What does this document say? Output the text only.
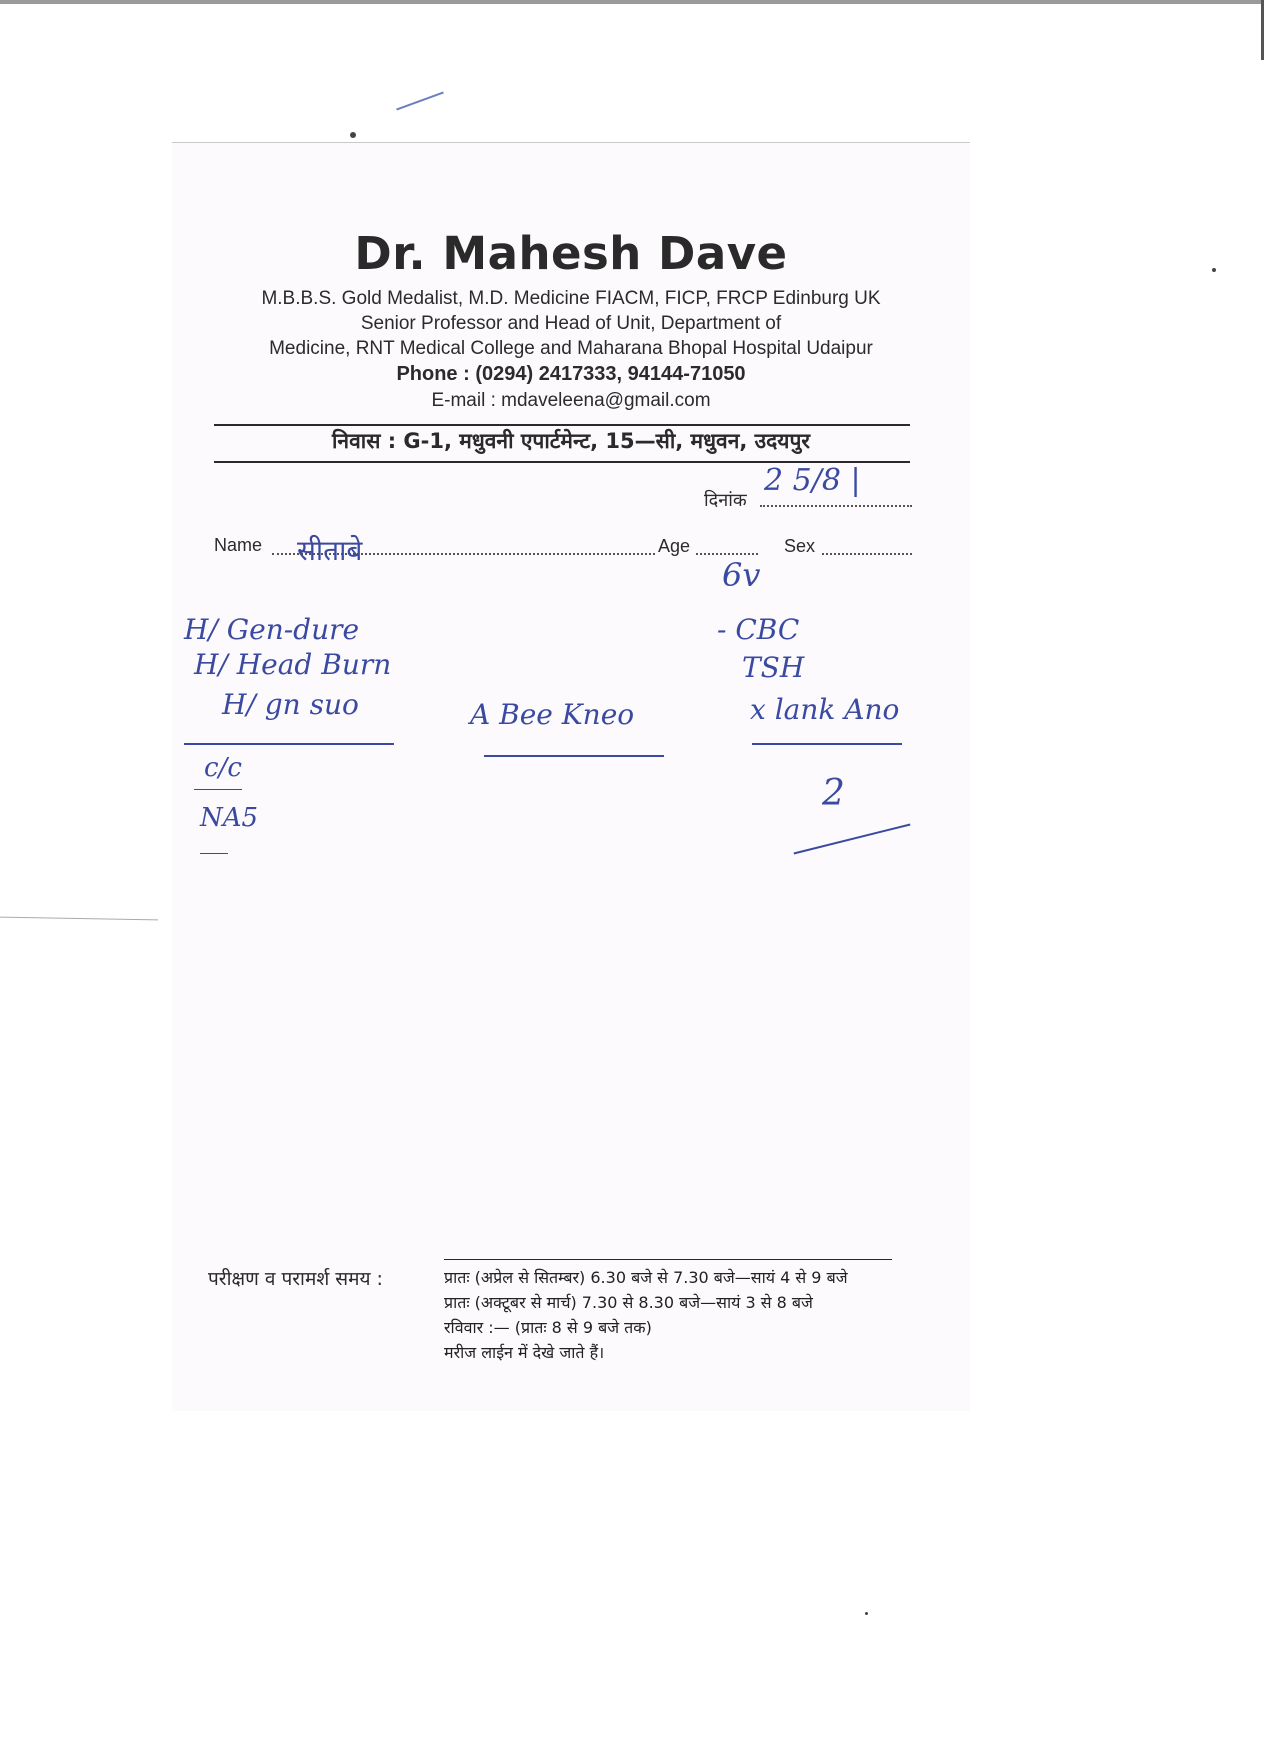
Dr. Mahesh Dave
M.B.B.S. Gold Medalist, M.D. Medicine FIACM, FICP, FRCP Edinburg UK
Senior Professor and Head of Unit, Department of
Medicine, RNT Medical College and Maharana Bhopal Hospital Udaipur
Phone : (0294) 2417333, 94144-71050
E-mail : mdaveleena@gmail.com
निवास : G-1, मधुवनी एपार्टमेन्ट, 15—सी, मधुवन, उदयपुर
दिनांक
2 5/8 |
Name सीताबे	Age
6v
Sex
H/ Gen-dure
H/ Head Burn
H/ gn suo
c/c
NA5
A Bee Kneo
- CBC
TSH
x lank Ano
2
परीक्षण व परामर्श समय :	प्रातः (अप्रेल से सितम्बर) 6.30 बजे से 7.30 बजे—सायं 4 से 9 बजे
प्रातः (अक्टूबर से मार्च) 7.30 से 8.30 बजे—सायं 3 से 8 बजे
रविवार :— (प्रातः 8 से 9 बजे तक)
मरीज लाईन में देखे जाते हैं।
